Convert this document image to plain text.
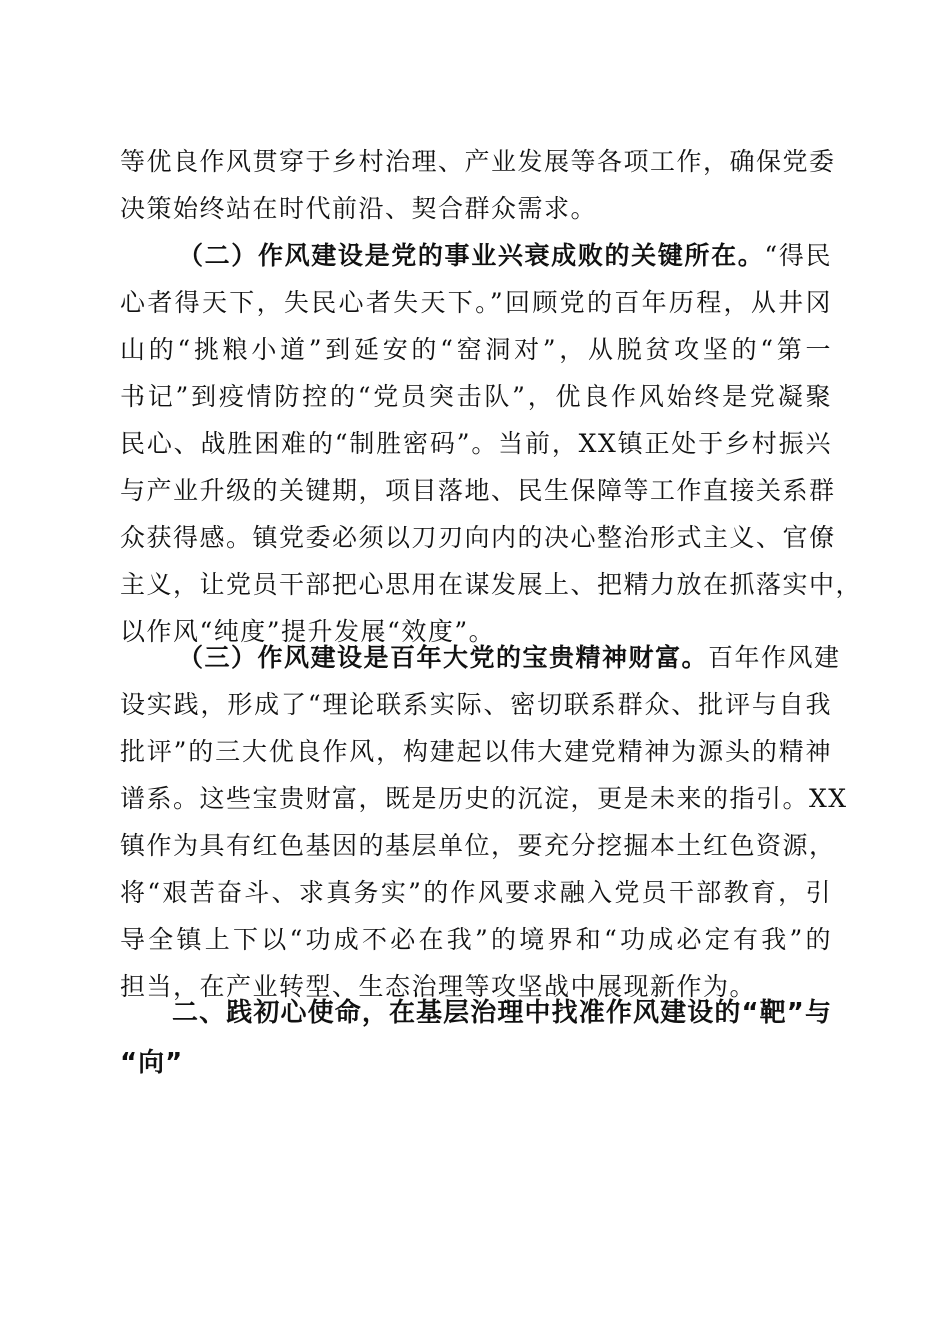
等优良作风贯穿于乡村治理、产业发展等各项工作，确保党委
决策始终站在时代前沿、契合群众需求。
（二）作风建设是党的事业兴衰成败的关键所在。“得民
心者得天下，失民心者失天下。”回顾党的百年历程，从井冈
山的“挑粮小道”到延安的“窑洞对”，从脱贫攻坚的“第一
书记”到疫情防控的“党员突击队”，优良作风始终是党凝聚
民心、战胜困难的“制胜密码”。当前，XX镇正处于乡村振兴
与产业升级的关键期，项目落地、民生保障等工作直接关系群
众获得感。镇党委必须以刀刃向内的决心整治形式主义、官僚
主义，让党员干部把心思用在谋发展上、把精力放在抓落实中，
以作风“纯度”提升发展“效度”。
（三）作风建设是百年大党的宝贵精神财富。百年作风建
设实践，形成了“理论联系实际、密切联系群众、批评与自我
批评”的三大优良作风，构建起以伟大建党精神为源头的精神
谱系。这些宝贵财富，既是历史的沉淀，更是未来的指引。XX
镇作为具有红色基因的基层单位，要充分挖掘本土红色资源，
将“艰苦奋斗、求真务实”的作风要求融入党员干部教育，引
导全镇上下以“功成不必在我”的境界和“功成必定有我”的
担当，在产业转型、生态治理等攻坚战中展现新作为。
二、践初心使命，在基层治理中找准作风建设的“靶”与
“向”
